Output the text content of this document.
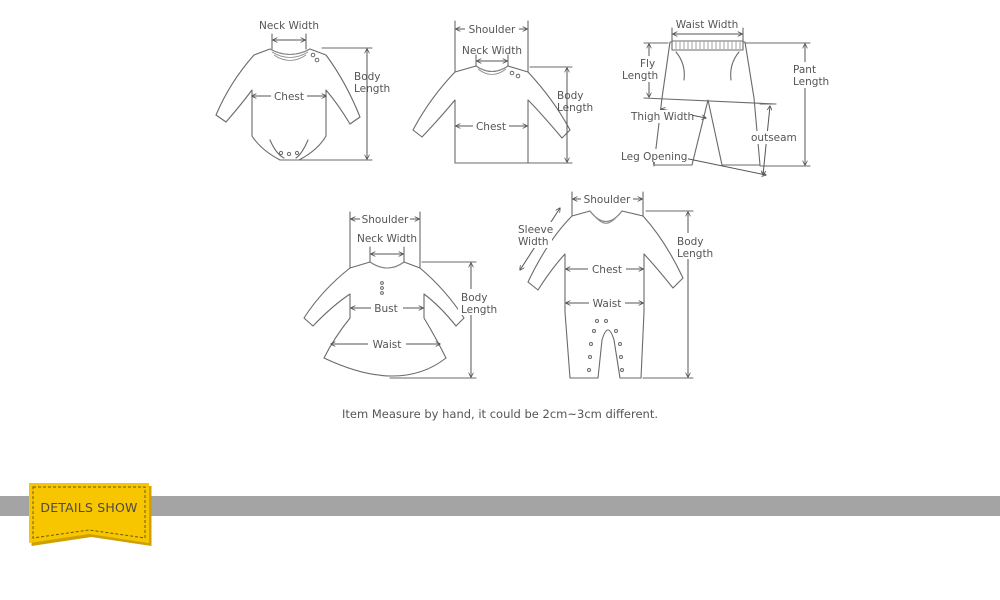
Neck Width
Chest
Body
Length
Shoulder
Neck Width
Chest
Body
Length
Waist Width
Fly
Length	Pant
Length
Thigh Width
outseam
Leg Opening
Shoulder
Neck Width
Bust
Waist
Body
Length
Shoulder
Sleeve
Width
Chest
Waist
Body
Length
Item Measure by hand, it could be 2cm~3cm different.
DETAILS SHOW
